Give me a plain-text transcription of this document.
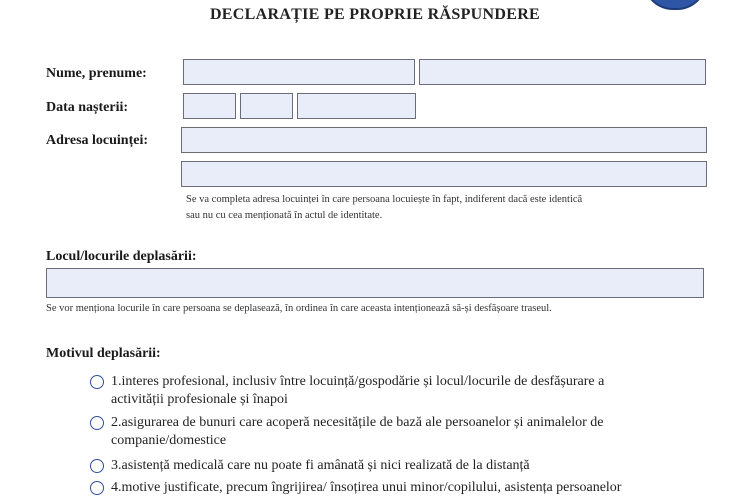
DECLARAȚIE PE PROPRIE RĂSPUNDERE
Nume, prenume:
Data nașterii:
Adresa locuinței:
Se va completa adresa locuinței în care persoana locuiește în fapt, indiferent dacă este identică
sau nu cu cea menționată în actul de identitate.
Locul/locurile deplasării:
Se vor menționa locurile în care persoana se deplasează, în ordinea în care aceasta intenționează să-și desfășoare traseul.
Motivul deplasării:
1.interes profesional, inclusiv între locuință/gospodărie și locul/locurile de desfășurare a
activității profesionale și înapoi
2.asigurarea de bunuri care acoperă necesitățile de bază ale persoanelor și animalelor de
companie/domestice
3.asistență medicală care nu poate fi amânată și nici realizată de la distanță
4.motive justificate, precum îngrijirea/ însoțirea unui minor/copilului, asistența persoanelor
